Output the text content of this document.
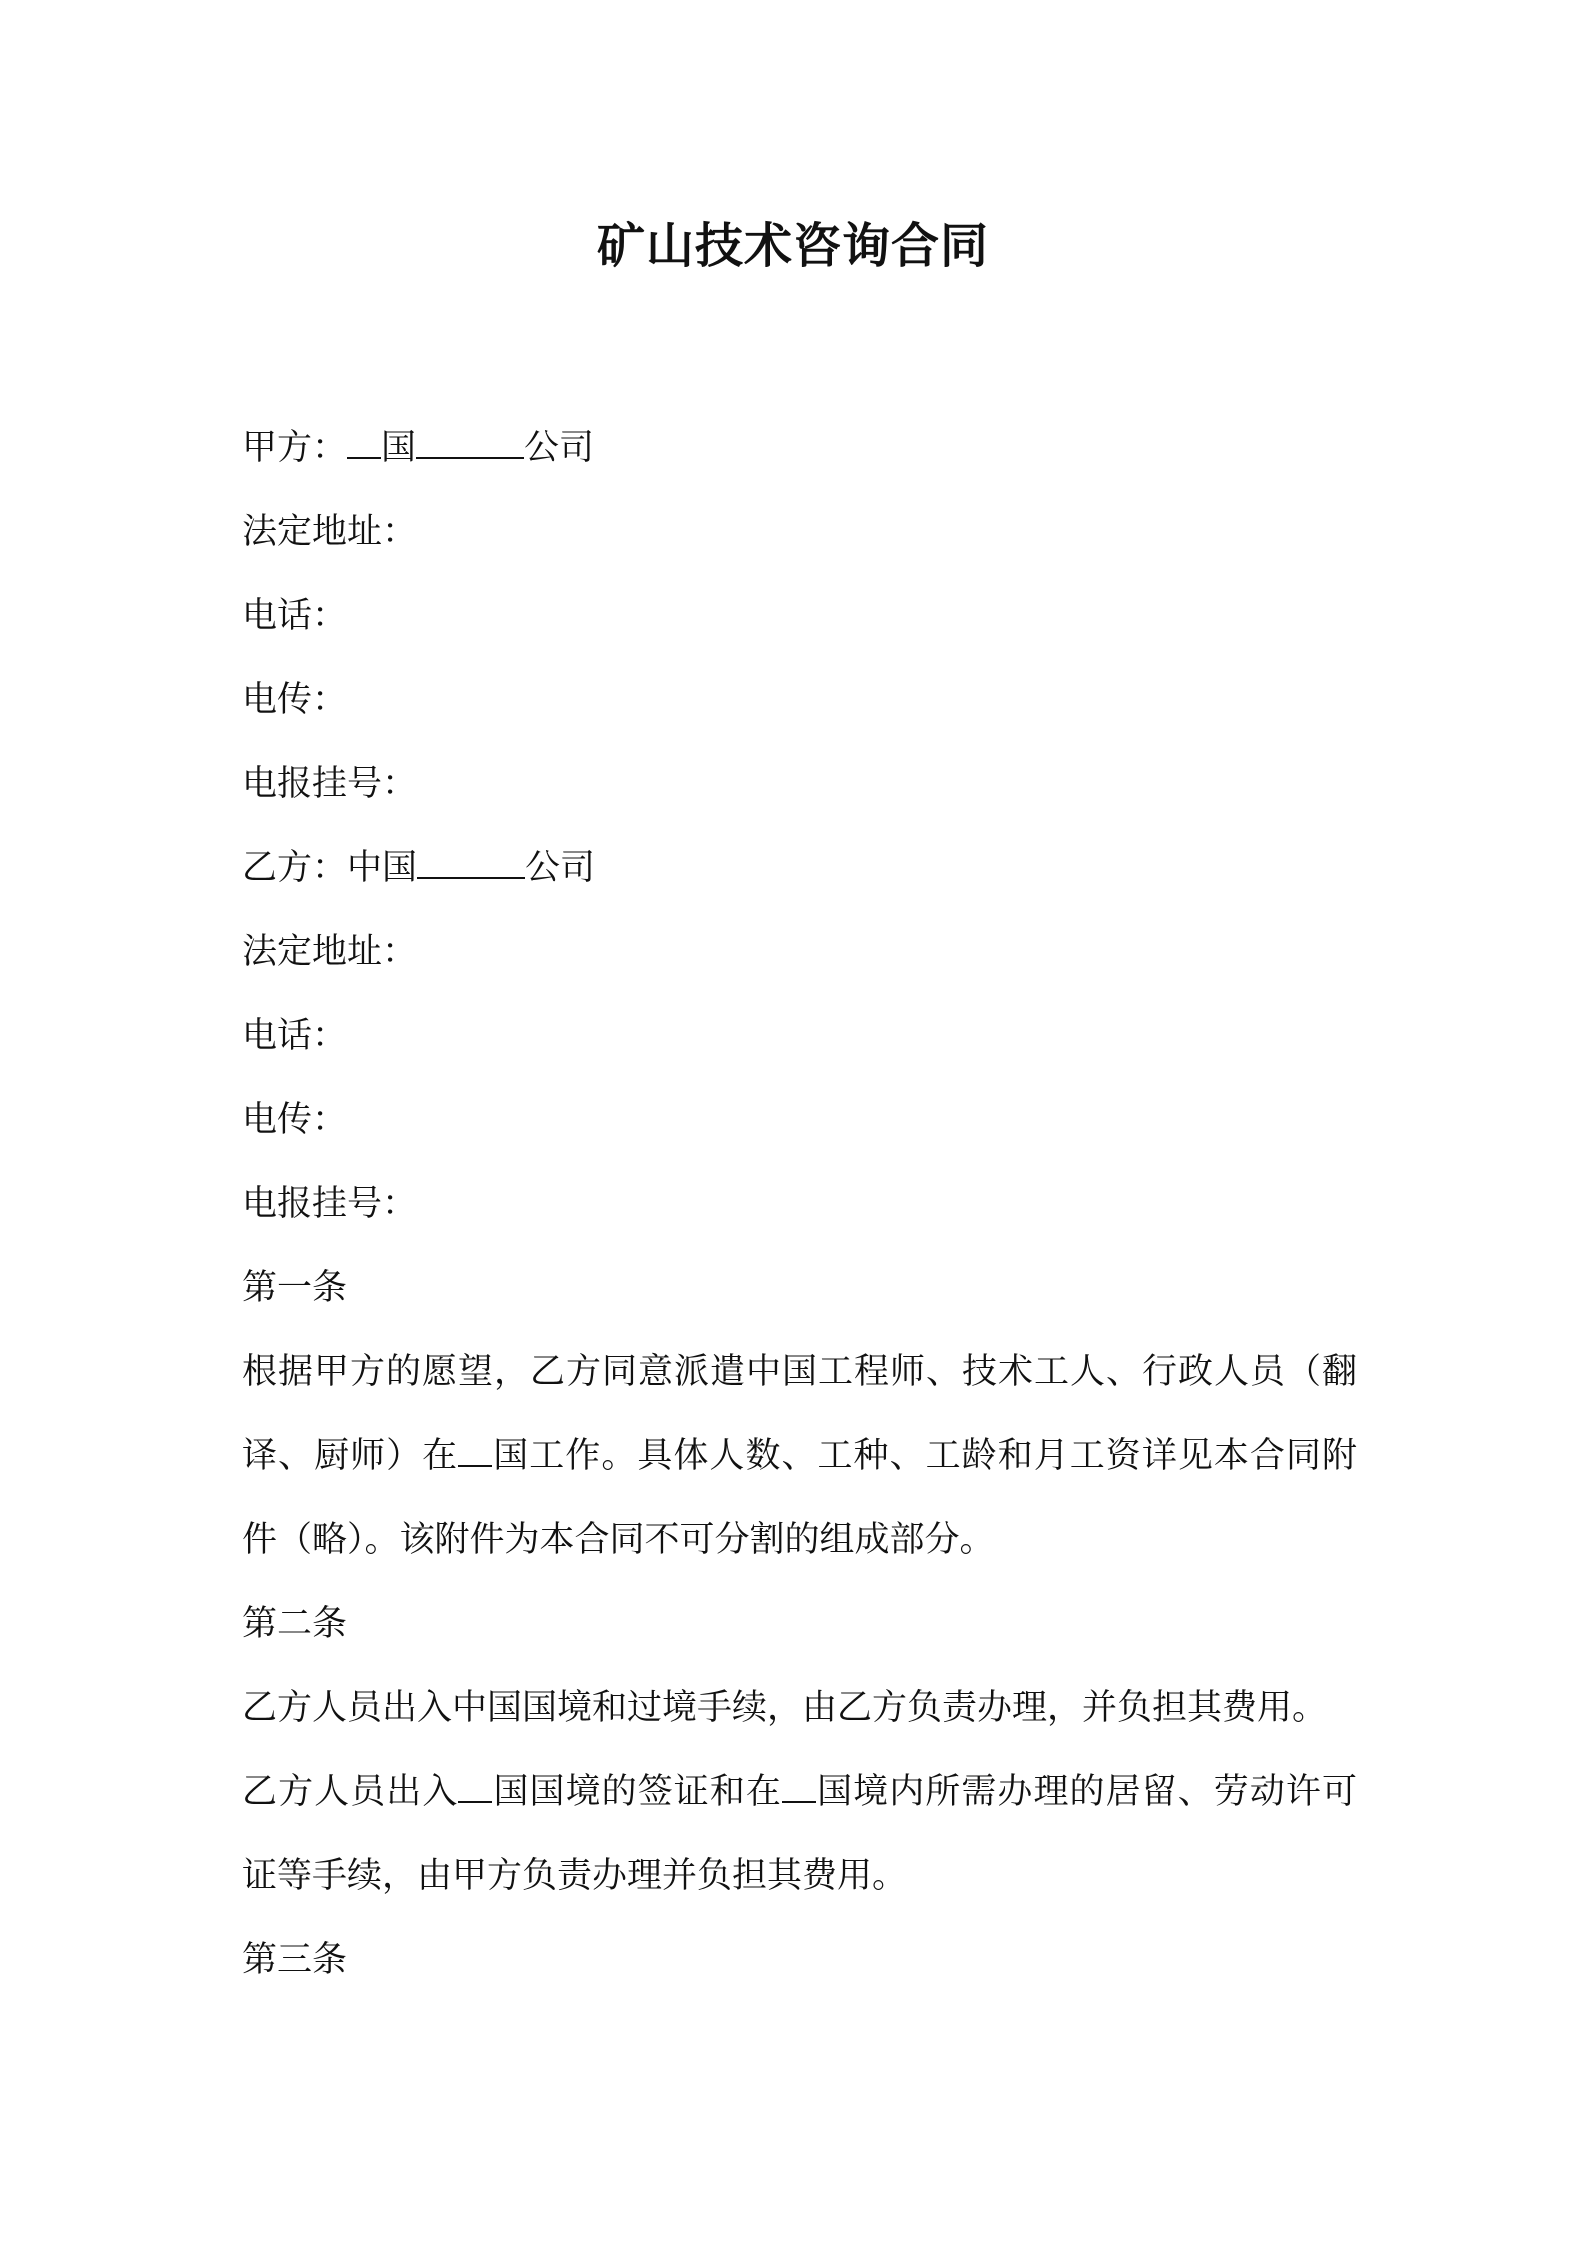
矿山技术咨询合同

甲方： 国	公司

法定地址：

电话：

电传：

电报挂号：

乙方：中国	公司

法定地址：

电话：

电传：

电报挂号：

第一条

根据甲方的愿望，乙方同意派遣中国工程师、技术工人、行政人员（翻译、厨师）在 国工作。具体人数、工种、工龄和月工资详见本合同附件（略）。该附件为本合同不可分割的组成部分。

第二条

乙方人员出入中国国境和过境手续，由乙方负责办理，并负担其费用。

乙方人员出入 国国境的签证和在 国境内所需办理的居留、劳动许可证等手续，由甲方负责办理并负担其费用。

第三条
